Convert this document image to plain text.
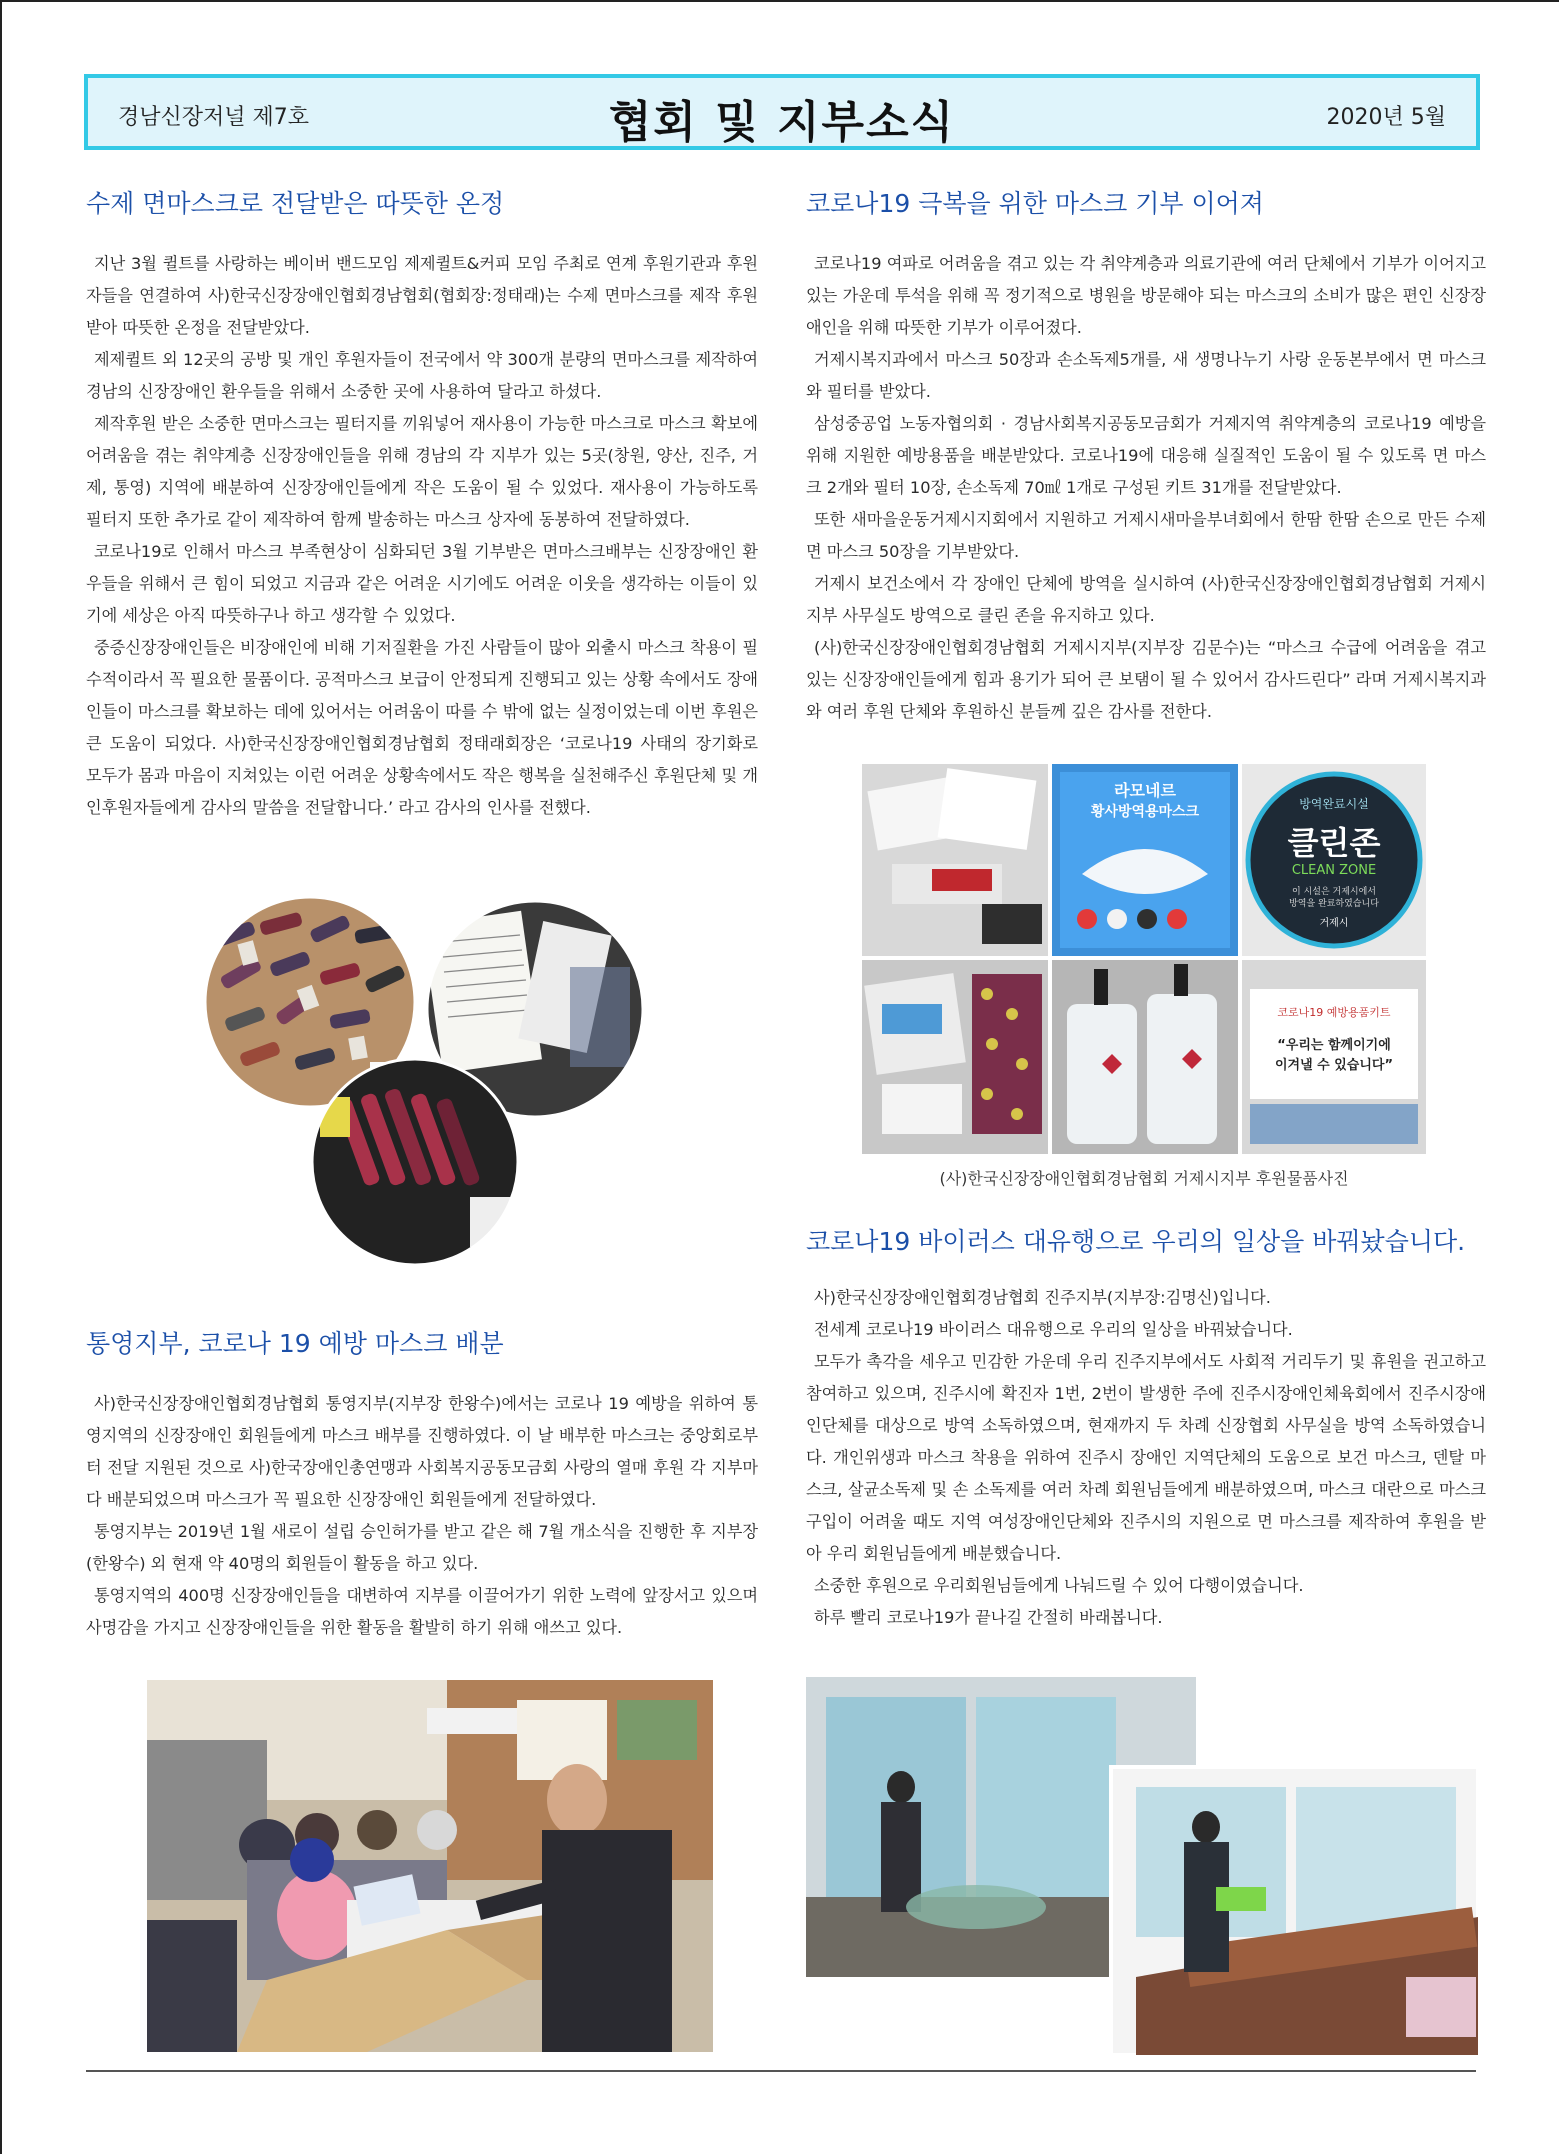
경남신장저널 제7호	협회 및 지부소식	2020년 5월
수제 면마스크로 전달받은 따뜻한 온정

지난 3월 퀼트를 사랑하는 베이버 밴드모임 제제퀼트&커피 모임 주최로 연계 후원기관과 후원자들을 연결하여 사)한국신장장애인협회경남협회(협회장:정태래)는 수제 면마스크를 제작 후원받아 따뜻한 온정을 전달받았다.

제제퀼트 외 12곳의 공방 및 개인 후원자들이 전국에서 약 300개 분량의 면마스크를 제작하여 경남의 신장장애인 환우들을 위해서 소중한 곳에 사용하여 달라고 하셨다.

제작후원 받은 소중한 면마스크는 필터지를 끼워넣어 재사용이 가능한 마스크로 마스크 확보에 어려움을 겪는 취약계층 신장장애인들을 위해 경남의 각 지부가 있는 5곳(창원, 양산, 진주, 거제, 통영) 지역에 배분하여 신장장애인들에게 작은 도움이 될 수 있었다. 재사용이 가능하도록 필터지 또한 추가로 같이 제작하여 함께 발송하는 마스크 상자에 동봉하여 전달하였다.

코로나19로 인해서 마스크 부족현상이 심화되던 3월 기부받은 면마스크배부는 신장장애인 환우들을 위해서 큰 힘이 되었고 지금과 같은 어려운 시기에도 어려운 이웃을 생각하는 이들이 있기에 세상은 아직 따뜻하구나 하고 생각할 수 있었다.

중증신장장애인들은 비장애인에 비해 기저질환을 가진 사람들이 많아 외출시 마스크 착용이 필수적이라서 꼭 필요한 물품이다. 공적마스크 보급이 안정되게 진행되고 있는 상황 속에서도 장애인들이 마스크를 확보하는 데에 있어서는 어려움이 따를 수 밖에 없는 실정이었는데 이번 후원은 큰 도움이 되었다. 사)한국신장장애인협회경남협회 정태래회장은 ‘코로나19 사태의 장기화로 모두가 몸과 마음이 지쳐있는 이런 어려운 상황속에서도 작은 행복을 실천해주신 후원단체 및 개인후원자들에게 감사의 말씀을 전달합니다.’ 라고 감사의 인사를 전했다.

통영지부, 코로나 19 예방 마스크 배분

사)한국신장장애인협회경남협회 통영지부(지부장 한왕수)에서는 코로나 19 예방을 위하여 통영지역의 신장장애인 회원들에게 마스크 배부를 진행하였다. 이 날 배부한 마스크는 중앙회로부터 전달 지원된 것으로 사)한국장애인총연맹과 사회복지공동모금회 사랑의 열매 후원 각 지부마다 배분되었으며 마스크가 꼭 필요한 신장장애인 회원들에게 전달하였다.

통영지부는 2019년 1월 새로이 설립 승인허가를 받고 같은 해 7월 개소식을 진행한 후 지부장(한왕수) 외 현재 약 40명의 회원들이 활동을 하고 있다.

통영지역의 400명 신장장애인들을 대변하여 지부를 이끌어가기 위한 노력에 앞장서고 있으며 사명감을 가지고 신장장애인들을 위한 활동을 활발히 하기 위해 애쓰고 있다.

코로나19 극복을 위한 마스크 기부 이어져

코로나19 여파로 어려움을 겪고 있는 각 취약계층과 의료기관에 여러 단체에서 기부가 이어지고 있는 가운데 투석을 위해 꼭 정기적으로 병원을 방문해야 되는 마스크의 소비가 많은 편인 신장장애인을 위해 따뜻한 기부가 이루어졌다.

거제시복지과에서 마스크 50장과 손소독제5개를, 새 생명나누기 사랑 운동본부에서 면 마스크와 필터를 받았다.

삼성중공업 노동자협의회 · 경남사회복지공동모금회가 거제지역 취약계층의 코로나19 예방을 위해 지원한 예방용품을 배분받았다. 코로나19에 대응해 실질적인 도움이 될 수 있도록 면 마스크 2개와 필터 10장, 손소독제 70㎖ 1개로 구성된 키트 31개를 전달받았다.

또한 새마을운동거제시지회에서 지원하고 거제시새마을부녀회에서 한땀 한땀 손으로 만든 수제 면 마스크 50장을 기부받았다.

거제시 보건소에서 각 장애인 단체에 방역을 실시하여 (사)한국신장장애인협회경남협회 거제시지부 사무실도 방역으로 클린 존을 유지하고 있다.

(사)한국신장장애인협회경남협회 거제시지부(지부장 김문수)는 “마스크 수급에 어려움을 겪고 있는 신장장애인들에게 힘과 용기가 되어 큰 보탬이 될 수 있어서 감사드린다” 라며 거제시복지과와 여러 후원 단체와 후원하신 분들께 깊은 감사를 전한다.

라모네르
황사방역용마스크	방역완료시설
클린존
CLEAN ZONE
이 시설은 거제시에서
방역을 완료하였습니다
거제시
코로나19 예방용품키트
“우리는 함께이기에
이겨낼 수 있습니다”
(사)한국신장장애인협회경남협회 거제시지부 후원물품사진
코로나19 바이러스 대유행으로 우리의 일상을 바꿔놨습니다.

사)한국신장장애인협회경남협회 진주지부(지부장:김명신)입니다.

전세계 코로나19 바이러스 대유행으로 우리의 일상을 바꿔놨습니다.

모두가 촉각을 세우고 민감한 가운데 우리 진주지부에서도 사회적 거리두기 및 휴원을 권고하고 참여하고 있으며, 진주시에 확진자 1번, 2번이 발생한 주에 진주시장애인체육회에서 진주시장애인단체를 대상으로 방역 소독하였으며, 현재까지 두 차례 신장협회 사무실을 방역 소독하였습니다. 개인위생과 마스크 착용을 위하여 진주시 장애인 지역단체의 도움으로 보건 마스크, 덴탈 마스크, 살균소독제 및 손 소독제를 여러 차례 회원님들에게 배분하였으며, 마스크 대란으로 마스크 구입이 어려울 때도 지역 여성장애인단체와 진주시의 지원으로 면 마스크를 제작하여 후원을 받아 우리 회원님들에게 배분했습니다.

소중한 후원으로 우리회원님들에게 나눠드릴 수 있어 다행이였습니다.

하루 빨리 코로나19가 끝나길 간절히 바래봅니다.
